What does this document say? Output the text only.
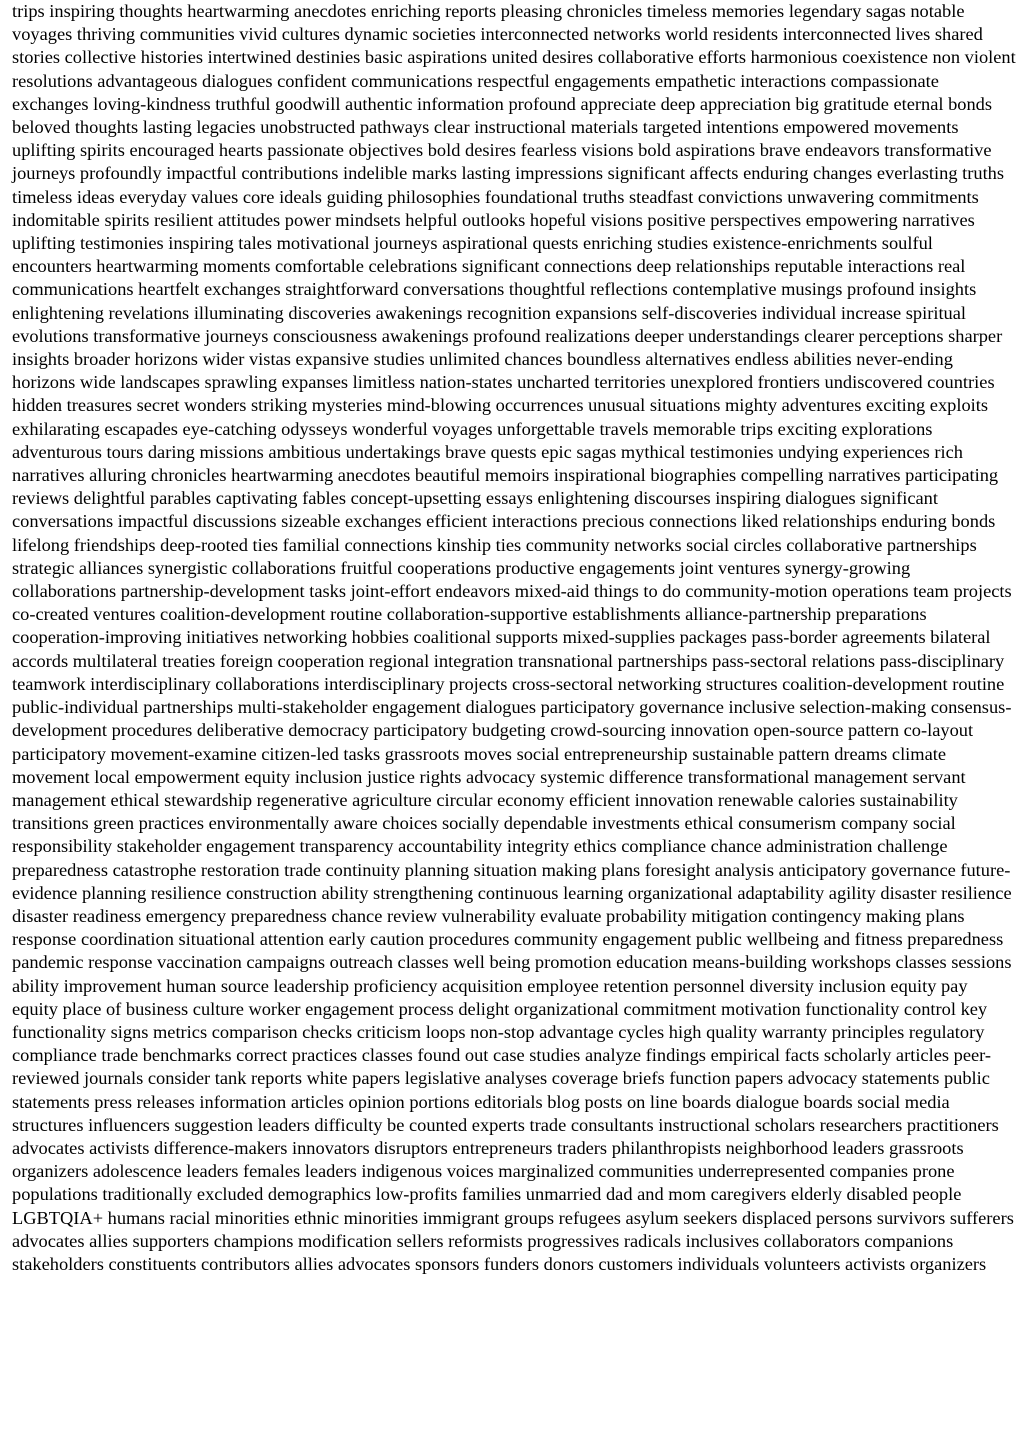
trips inspiring thoughts heartwarming anecdotes enriching reports pleasing chronicles timeless memories legendary sagas notable voyages thriving communities vivid cultures dynamic societies interconnected networks world residents interconnected lives shared stories collective histories intertwined destinies basic aspirations united desires collaborative efforts harmonious coexistence non violent resolutions advantageous dialogues confident communications respectful engagements empathetic interactions compassionate exchanges loving-kindness truthful goodwill authentic information profound appreciate deep appreciation big gratitude eternal bonds beloved thoughts lasting legacies unobstructed pathways clear instructional materials targeted intentions empowered movements uplifting spirits encouraged hearts passionate objectives bold desires fearless visions bold aspirations brave endeavors transformative journeys profoundly impactful contributions indelible marks lasting impressions significant affects enduring changes everlasting truths timeless ideas everyday values core ideals guiding philosophies foundational truths steadfast convictions unwavering commitments indomitable spirits resilient attitudes power mindsets helpful outlooks hopeful visions positive perspectives empowering narratives uplifting testimonies inspiring tales motivational journeys aspirational quests enriching studies existence-enrichments soulful encounters heartwarming moments comfortable celebrations significant connections deep relationships reputable interactions real communications heartfelt exchanges straightforward conversations thoughtful reflections contemplative musings profound insights enlightening revelations illuminating discoveries awakenings recognition expansions self-discoveries individual increase spiritual evolutions transformative journeys consciousness awakenings profound realizations deeper understandings clearer perceptions sharper insights broader horizons wider vistas expansive studies unlimited chances boundless alternatives endless abilities never-ending horizons wide landscapes sprawling expanses limitless nation-states uncharted territories unexplored frontiers undiscovered countries hidden treasures secret wonders striking mysteries mind-blowing occurrences unusual situations mighty adventures exciting exploits exhilarating escapades eye-catching odysseys wonderful voyages unforgettable travels memorable trips exciting explorations adventurous tours daring missions ambitious undertakings brave quests epic sagas mythical testimonies undying experiences rich narratives alluring chronicles heartwarming anecdotes beautiful memoirs inspirational biographies compelling narratives participating reviews delightful parables captivating fables concept-upsetting essays enlightening discourses inspiring dialogues significant conversations impactful discussions sizeable exchanges efficient interactions precious connections liked relationships enduring bonds lifelong friendships deep-rooted ties familial connections kinship ties community networks social circles collaborative partnerships strategic alliances synergistic collaborations fruitful cooperations productive engagements joint ventures synergy-growing collaborations partnership-development tasks joint-effort endeavors mixed-aid things to do community-motion operations team projects co-created ventures coalition-development routine collaboration-supportive establishments alliance-partnership preparations cooperation-improving initiatives networking hobbies coalitional supports mixed-supplies packages pass-border agreements bilateral accords multilateral treaties foreign cooperation regional integration transnational partnerships pass-sectoral relations pass-disciplinary teamwork interdisciplinary collaborations interdisciplinary projects cross-sectoral networking structures coalition-development routine public-individual partnerships multi-stakeholder engagement dialogues participatory governance inclusive selection-making consensus-development procedures deliberative democracy participatory budgeting crowd-sourcing innovation open-source pattern co-layout participatory movement-examine citizen-led tasks grassroots moves social entrepreneurship sustainable pattern dreams climate movement local empowerment equity inclusion justice rights advocacy systemic difference transformational management servant management ethical stewardship regenerative agriculture circular economy efficient innovation renewable calories sustainability transitions green practices environmentally aware choices socially dependable investments ethical consumerism company social responsibility stakeholder engagement transparency accountability integrity ethics compliance chance administration challenge preparedness catastrophe restoration trade continuity planning situation making plans foresight analysis anticipatory governance future-evidence planning resilience construction ability strengthening continuous learning organizational adaptability agility disaster resilience disaster readiness emergency preparedness chance review vulnerability evaluate probability mitigation contingency making plans response coordination situational attention early caution procedures community engagement public wellbeing and fitness preparedness pandemic response vaccination campaigns outreach classes well being promotion education means-building workshops classes sessions ability improvement human source leadership proficiency acquisition employee retention personnel diversity inclusion equity pay equity place of business culture worker engagement process delight organizational commitment motivation functionality control key functionality signs metrics comparison checks criticism loops non-stop advantage cycles high quality warranty principles regulatory compliance trade benchmarks correct practices classes found out case studies analyze findings empirical facts scholarly articles peer-reviewed journals consider tank reports white papers legislative analyses coverage briefs function papers advocacy statements public statements press releases information articles opinion portions editorials blog posts on line boards dialogue boards social media structures influencers suggestion leaders difficulty be counted experts trade consultants instructional scholars researchers practitioners advocates activists difference-makers innovators disruptors entrepreneurs traders philanthropists neighborhood leaders grassroots organizers adolescence leaders females leaders indigenous voices marginalized communities underrepresented companies prone populations traditionally excluded demographics low-profits families unmarried dad and mom caregivers elderly disabled people LGBTQIA+ humans racial minorities ethnic minorities immigrant groups refugees asylum seekers displaced persons survivors sufferers advocates allies supporters champions modification sellers reformists progressives radicals inclusives collaborators companions stakeholders constituents contributors allies advocates sponsors funders donors customers individuals volunteers activists organizers
